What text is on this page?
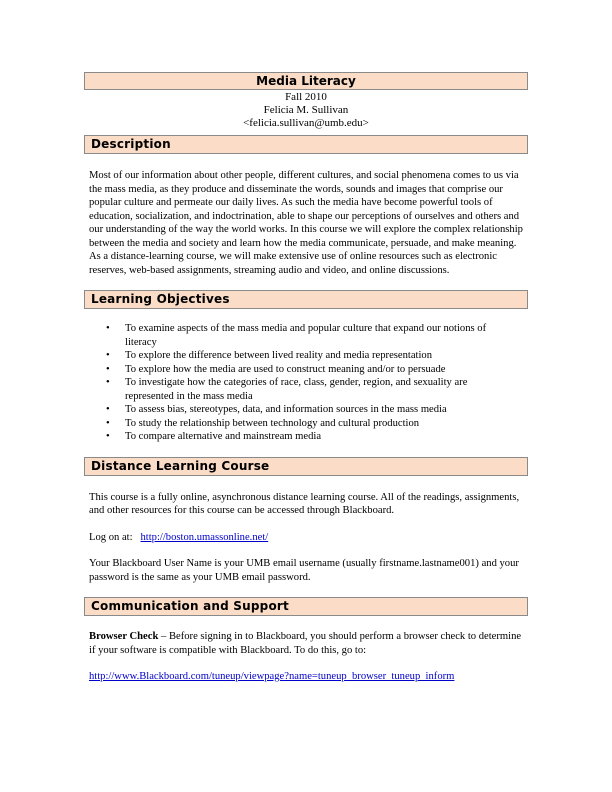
Media Literacy
Fall 2010
Felicia M. Sullivan
<felicia.sullivan@umb.edu>
Description

Most of our information about other people, different cultures, and social phenomena comes to us via the mass media, as they produce and disseminate the words, sounds and images that comprise our popular culture and permeate our daily lives. As such the media have become powerful tools of education, socialization, and indoctrination, able to shape our perceptions of ourselves and others and our understanding of the way the world works. In this course we will explore the complex relationship between the media and society and learn how the media communicate, persuade, and make meaning. As a distance-learning course, we will make extensive use of online resources such as electronic reserves, web-based assignments, streaming audio and video, and online discussions.

Learning Objectives
• To examine aspects of the mass media and popular culture that expand our notions of literacy
• To explore the difference between lived reality and media representation
• To explore how the media are used to construct meaning and/or to persuade
• To investigate how the categories of race, class, gender, region, and sexuality are represented in the mass media
• To assess bias, stereotypes, data, and information sources in the mass media
• To study the relationship between technology and cultural production
• To compare alternative and mainstream media
Distance Learning Course

This course is a fully online, asynchronous distance learning course. All of the readings, assignments, and other resources for this course can be accessed through Blackboard.

Log on at: http://boston.umassonline.net/

Your Blackboard User Name is your UMB email username (usually firstname.lastname001) and your password is the same as your UMB email password.

Communication and Support

Browser Check – Before signing in to Blackboard, you should perform a browser check to determine if your software is compatible with Blackboard. To do this, go to:

http://www.Blackboard.com/tuneup/viewpage?name=tuneup_browser_tuneup_inform
